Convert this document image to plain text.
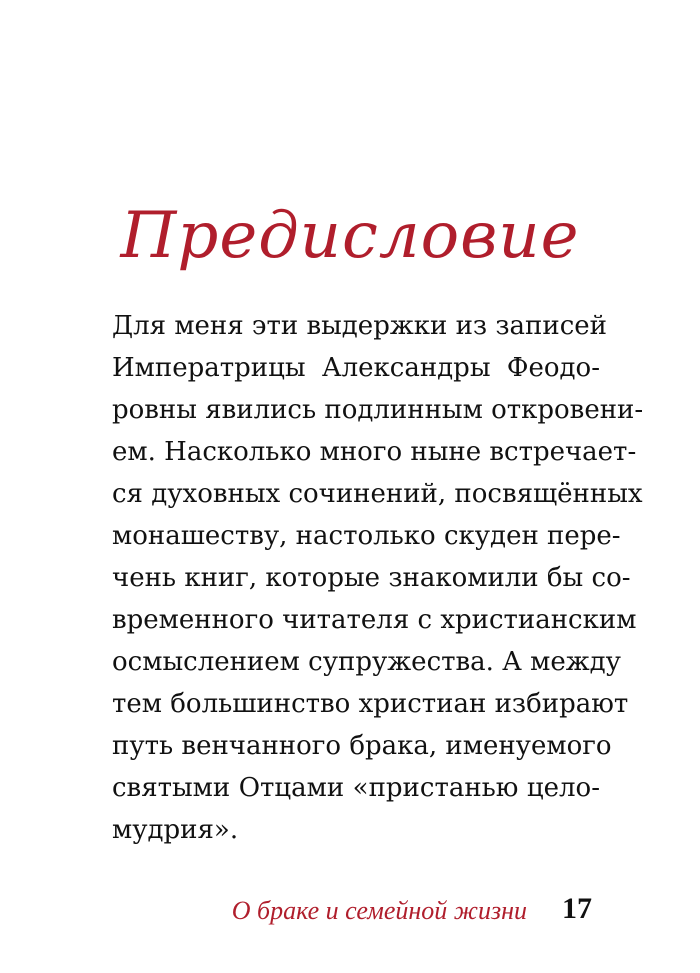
Предисловие
Для меня эти выдержки из записей
Императрицы Александры Феодо-
ровны явились подлинным откровени-
ем. Насколько много ныне встречает-
ся духовных сочинений, посвящённых
монашеству, настолько скуден пере-
чень книг, которые знакомили бы со-
временного читателя с христианским
осмыслением супружества. А между
тем большинство христиан избирают
путь венчанного брака, именуемого
святыми Отцами «пристанью цело-
мудрия».
О браке и семейной жизни 17
